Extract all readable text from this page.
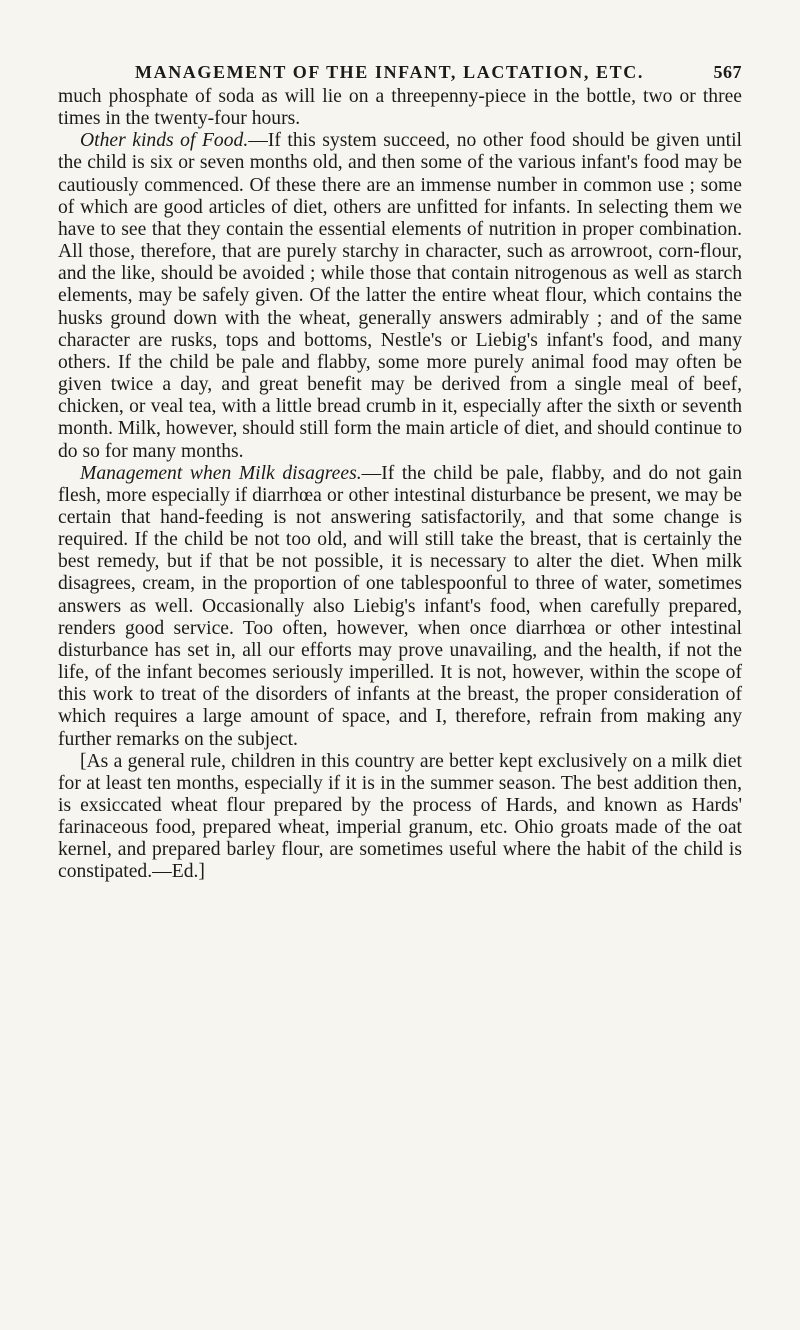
MANAGEMENT OF THE INFANT, LACTATION, ETC.	567

much phosphate of soda as will lie on a threepenny-piece in the bottle, two or three times in the twenty-four hours.

Other kinds of Food.—If this system succeed, no other food should be given until the child is six or seven months old, and then some of the various infant's food may be cautiously commenced. Of these there are an immense number in common use ; some of which are good articles of diet, others are unfitted for infants. In selecting them we have to see that they contain the essential elements of nutrition in proper combination. All those, therefore, that are purely starchy in character, such as arrowroot, corn-flour, and the like, should be avoided ; while those that contain nitrogenous as well as starch elements, may be safely given. Of the latter the entire wheat flour, which contains the husks ground down with the wheat, generally answers admirably ; and of the same character are rusks, tops and bottoms, Nestle's or Liebig's infant's food, and many others. If the child be pale and flabby, some more purely animal food may often be given twice a day, and great benefit may be derived from a single meal of beef, chicken, or veal tea, with a little bread crumb in it, especially after the sixth or seventh month. Milk, however, should still form the main article of diet, and should continue to do so for many months.

Management when Milk disagrees.—If the child be pale, flabby, and do not gain flesh, more especially if diarrhœa or other intestinal disturbance be present, we may be certain that hand-feeding is not answering satisfactorily, and that some change is required. If the child be not too old, and will still take the breast, that is certainly the best remedy, but if that be not possible, it is necessary to alter the diet. When milk disagrees, cream, in the proportion of one tablespoonful to three of water, sometimes answers as well. Occasionally also Liebig's infant's food, when carefully prepared, renders good service. Too often, however, when once diarrhœa or other intestinal disturbance has set in, all our efforts may prove unavailing, and the health, if not the life, of the infant becomes seriously imperilled. It is not, however, within the scope of this work to treat of the disorders of infants at the breast, the proper consideration of which requires a large amount of space, and I, therefore, refrain from making any further remarks on the subject.

[As a general rule, children in this country are better kept exclusively on a milk diet for at least ten months, especially if it is in the summer season. The best addition then, is exsiccated wheat flour prepared by the process of Hards, and known as Hards' farinaceous food, prepared wheat, imperial granum, etc. Ohio groats made of the oat kernel, and prepared barley flour, are sometimes useful where the habit of the child is constipated.—Ed.]
